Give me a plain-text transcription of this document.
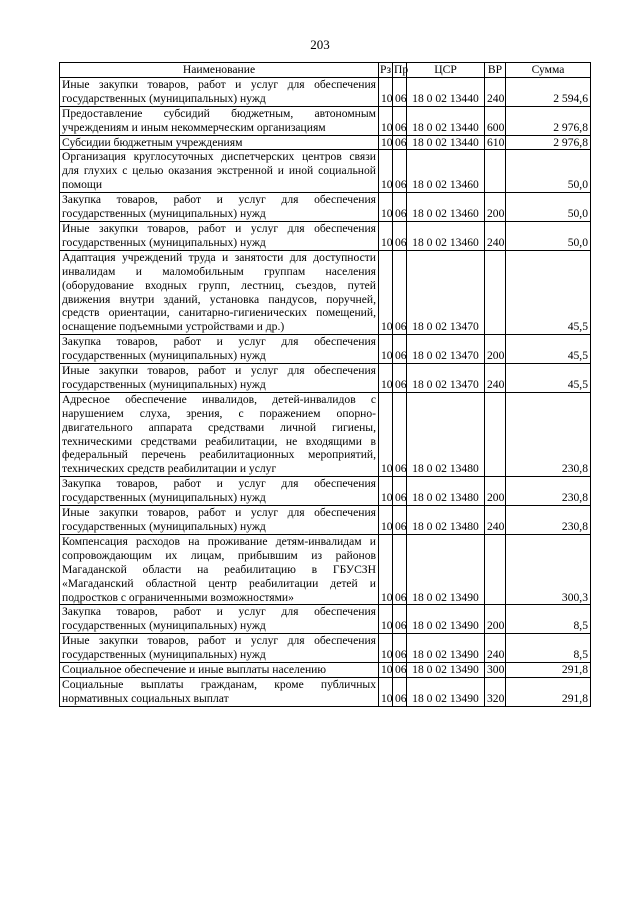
203
Наименование	Рз	Пр	ЦСР	ВР	Сумма
Иные закупки товаров, работ и услуг для обеспечения государственных (муниципальных) нужд	10	06	18 0 02 13440	240	2 594,6
Предоставление субсидий бюджетным, автономным учреждениям и иным некоммерческим организациям	10	06	18 0 02 13440	600	2 976,8
Субсидии бюджетным учреждениям	10	06	18 0 02 13440	610	2 976,8
Организация круглосуточных диспетчерских центров связи для глухих с целью оказания экстренной и иной социальной помощи	10	06	18 0 02 13460		50,0
Закупка товаров, работ и услуг для обеспечения государственных (муниципальных) нужд	10	06	18 0 02 13460	200	50,0
Иные закупки товаров, работ и услуг для обеспечения государственных (муниципальных) нужд	10	06	18 0 02 13460	240	50,0
Адаптация учреждений труда и занятости для доступности инвалидам и маломобильным группам населения (оборудование входных групп, лестниц, съездов, путей движения внутри зданий, установка пандусов, поручней, средств ориентации, санитарно-гигиенических помещений, оснащение подъемными устройствами и др.)	10	06	18 0 02 13470		45,5
Закупка товаров, работ и услуг для обеспечения государственных (муниципальных) нужд	10	06	18 0 02 13470	200	45,5
Иные закупки товаров, работ и услуг для обеспечения государственных (муниципальных) нужд	10	06	18 0 02 13470	240	45,5
Адресное обеспечение инвалидов, детей-инвалидов с нарушением слуха, зрения, с поражением опорно-двигательного аппарата средствами личной гигиены, техническими средствами реабилитации, не входящими в федеральный перечень реабилитационных мероприятий, технических средств реабилитации и услуг	10	06	18 0 02 13480		230,8
Закупка товаров, работ и услуг для обеспечения государственных (муниципальных) нужд	10	06	18 0 02 13480	200	230,8
Иные закупки товаров, работ и услуг для обеспечения государственных (муниципальных) нужд	10	06	18 0 02 13480	240	230,8
Компенсация расходов на проживание детям-инвалидам и сопровождающим их лицам, прибывшим из районов Магаданской области на реабилитацию в ГБУСЗН «Магаданский областной центр реабилитации детей и подростков с ограниченными возможностями»	10	06	18 0 02 13490		300,3
Закупка товаров, работ и услуг для обеспечения государственных (муниципальных) нужд	10	06	18 0 02 13490	200	8,5
Иные закупки товаров, работ и услуг для обеспечения государственных (муниципальных) нужд	10	06	18 0 02 13490	240	8,5
Социальное обеспечение и иные выплаты населению	10	06	18 0 02 13490	300	291,8
Социальные выплаты гражданам, кроме публичных нормативных социальных выплат	10	06	18 0 02 13490	320	291,8
